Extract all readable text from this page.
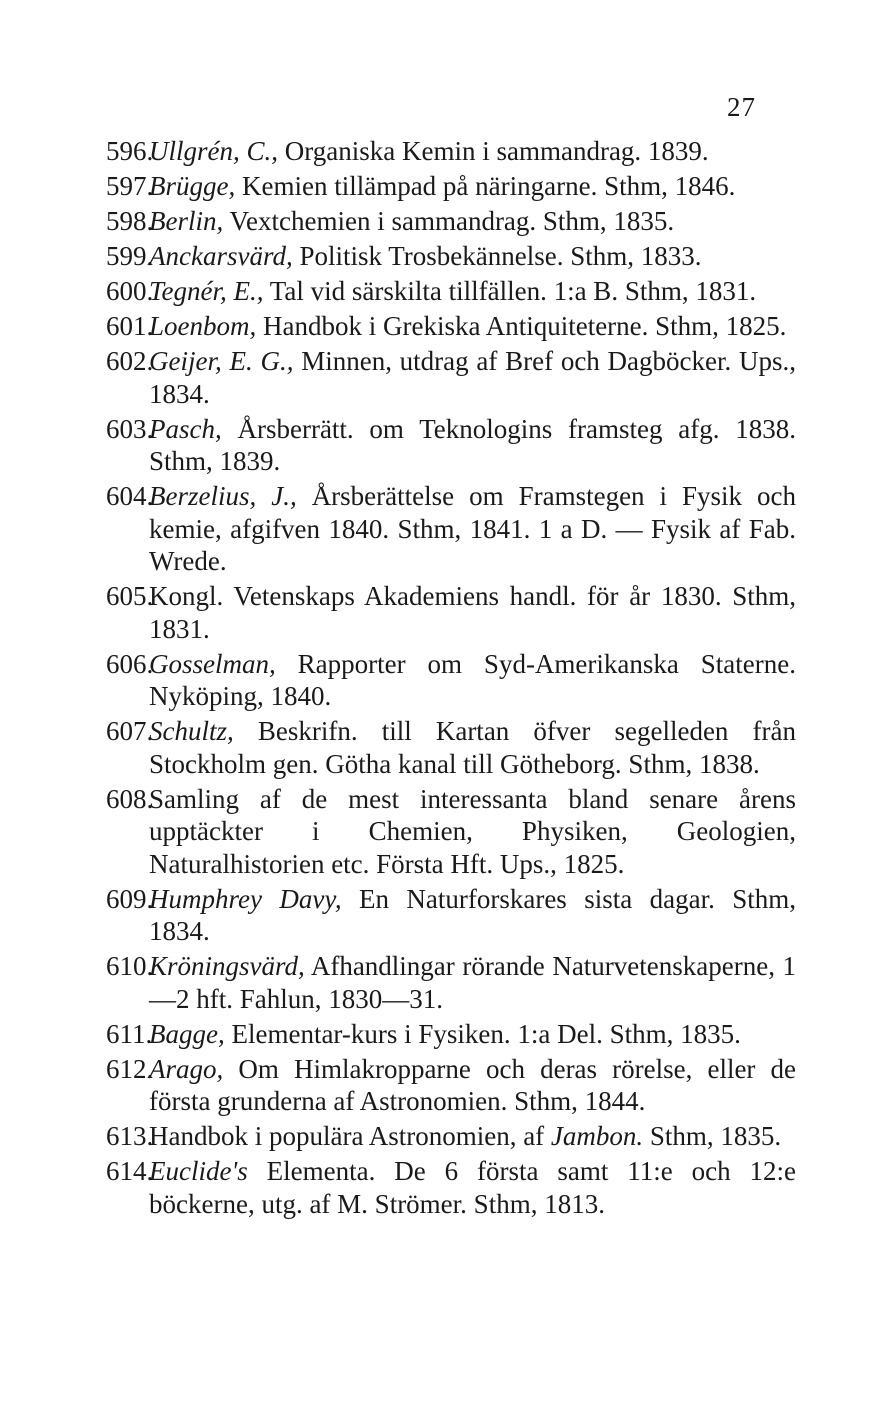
27
596.
Ullgrén, C., Organiska Kemin i sammandrag. 1839.
597.
Brügge, Kemien tillämpad på näringarne. Sthm, 1846.
598.
Berlin, Vextchemien i sammandrag. Sthm, 1835.
599.
Anckarsvärd, Politisk Trosbekännelse. Sthm, 1833.
600.
Tegnér, E., Tal vid särskilta tillfällen. 1:a B. Sthm, 1831.
601.
Loenbom, Handbok i Grekiska Antiquiteterne. Sthm, 1825.
602.
Geijer, E. G., Minnen, utdrag af Bref och Dagböcker. Ups., 1834.
603.
Pasch, Årsberrätt. om Teknologins framsteg afg. 1838. Sthm, 1839.
604.
Berzelius, J., Årsberättelse om Framstegen i Fysik och kemie, afgifven 1840. Sthm, 1841. 1 a D. — Fysik af Fab. Wrede.
605.
Kongl. Vetenskaps Akademiens handl. för år 1830. Sthm, 1831.
606.
Gosselman, Rapporter om Syd-Amerikanska Staterne. Nyköping, 1840.
607.
Schultz, Beskrifn. till Kartan öfver segelleden från Stockholm gen. Götha kanal till Götheborg. Sthm, 1838.
608.
Samling af de mest interessanta bland senare årens upptäckter i Chemien, Physiken, Geologien, Naturalhistorien etc. Första Hft. Ups., 1825.
609.
Humphrey Davy, En Naturforskares sista dagar. Sthm, 1834.
610.
Kröningsvärd, Afhandlingar rörande Naturvetenskaperne, 1—2 hft. Fahlun, 1830—31.
611.
Bagge, Elementar-kurs i Fysiken. 1:a Del. Sthm, 1835.
612.
Arago, Om Himlakropparne och deras rörelse, eller de första grunderna af Astronomien. Sthm, 1844.
613.
Handbok i populära Astronomien, af Jambon. Sthm, 1835.
614.
Euclide's Elementa. De 6 första samt 11:e och 12:e böckerne, utg. af M. Strömer. Sthm, 1813.
